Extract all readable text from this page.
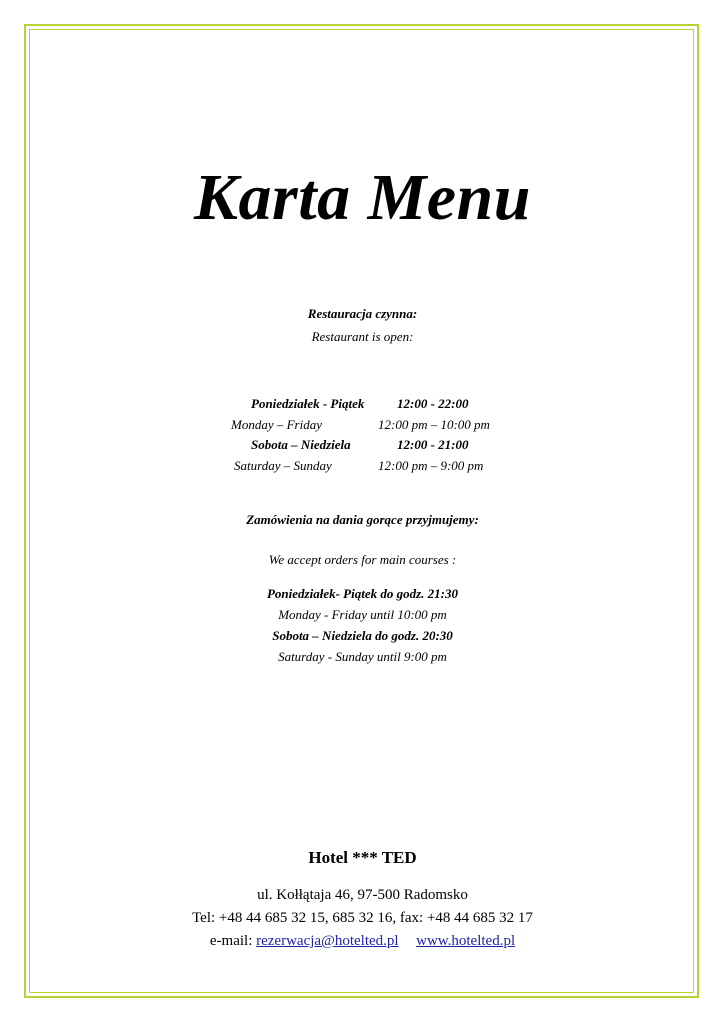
Karta Menu
Restauracja czynna:
Restaurant is open:
Poniedziałek - Piątek	12:00 - 22:00
Monday – Friday	12:00 pm – 10:00 pm
Sobota – Niedziela	12:00 - 21:00
Saturday – Sunday	12:00 pm – 9:00 pm
Zamówienia na dania gorące przyjmujemy:
We accept orders for main courses :
Poniedziałek- Piątek do godz. 21:30
Monday - Friday until 10:00 pm
Sobota – Niedziela do godz. 20:30
Saturday - Sunday until 9:00 pm
Hotel *** TED
ul. Kołłątaja 46, 97-500 Radomsko
Tel: +48 44 685 32 15, 685 32 16, fax: +48 44 685 32 17
e-mail: rezerwacja@hotelted.pl www.hotelted.pl
